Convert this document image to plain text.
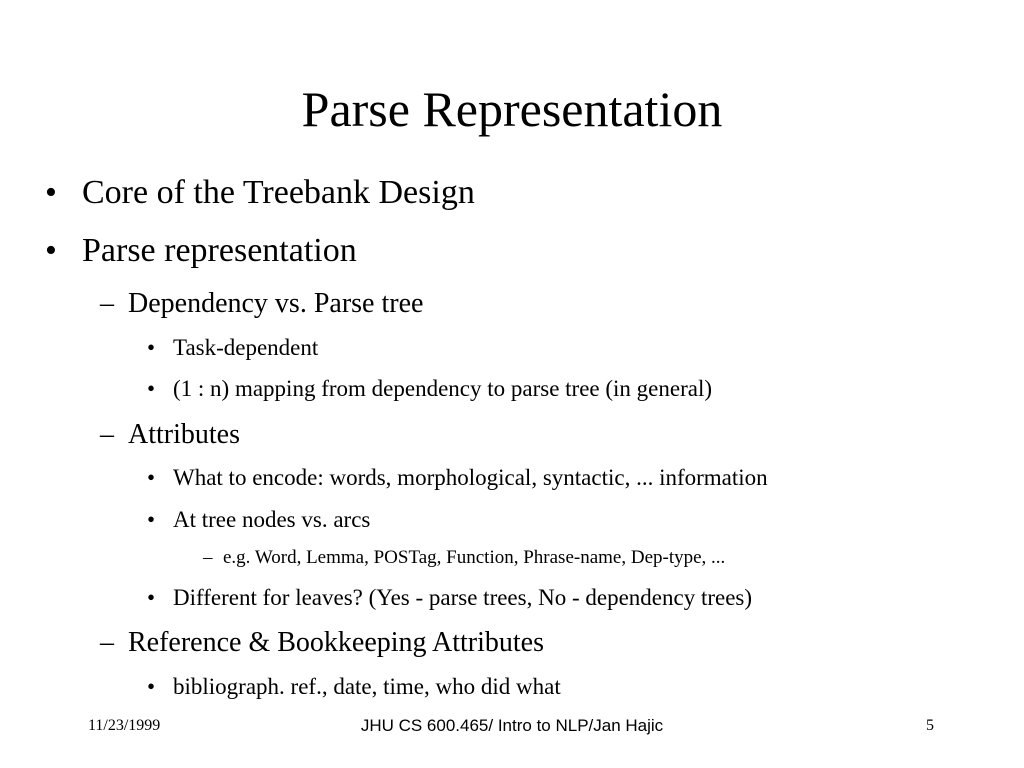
Parse Representation
• Core of the Treebank Design
• Parse representation
– Dependency vs. Parse tree
• Task-dependent
• (1 : n) mapping from dependency to parse tree (in general)
– Attributes
• What to encode: words, morphological, syntactic, ... information
• At tree nodes vs. arcs
– e.g. Word, Lemma, POSTag, Function, Phrase-name, Dep-type, ...
• Different for leaves? (Yes - parse trees, No - dependency trees)
– Reference & Bookkeeping Attributes
• bibliograph. ref., date, time, who did what
11/23/1999	JHU CS 600.465/ Intro to NLP/Jan Hajic	5
